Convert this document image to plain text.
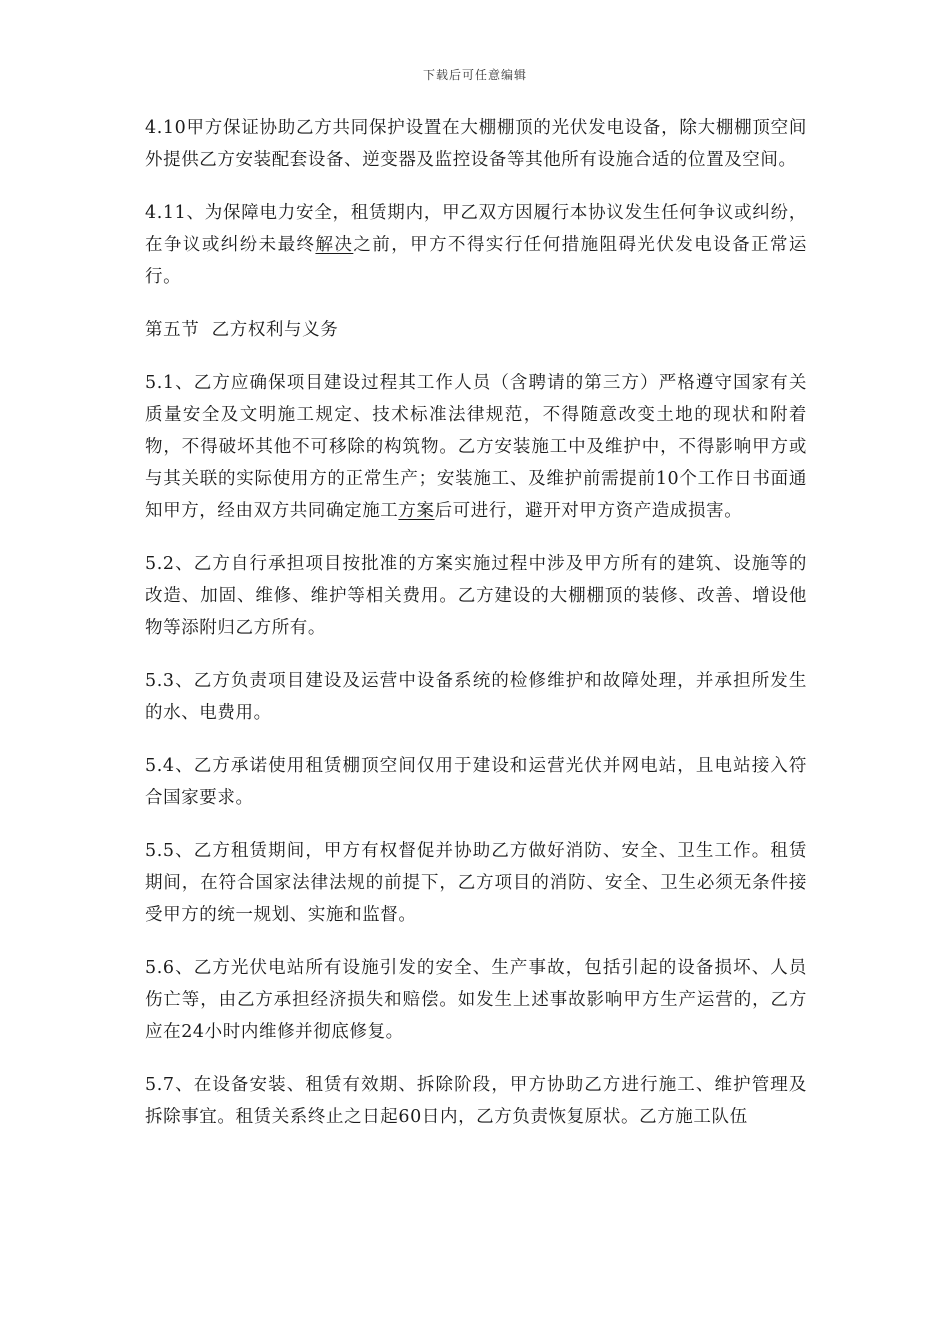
下载后可任意编辑

4.10甲方保证协助乙方共同保护设置在大棚棚顶的光伏发电设备，除大棚棚顶空间外提供乙方安装配套设备、逆变器及监控设备等其他所有设施合适的位置及空间。

4.11、为保障电力安全，租赁期内，甲乙双方因履行本协议发生任何争议或纠纷，在争议或纠纷未最终解决之前，甲方不得实行任何措施阻碍光伏发电设备正常运行。

第五节  乙方权利与义务

5.1、乙方应确保项目建设过程其工作人员（含聘请的第三方）严格遵守国家有关质量安全及文明施工规定、技术标准法律规范，不得随意改变土地的现状和附着物，不得破坏其他不可移除的构筑物。乙方安装施工中及维护中，不得影响甲方或与其关联的实际使用方的正常生产；安装施工、及维护前需提前10个工作日书面通知甲方，经由双方共同确定施工方案后可进行，避开对甲方资产造成损害。

5.2、乙方自行承担项目按批准的方案实施过程中涉及甲方所有的建筑、设施等的改造、加固、维修、维护等相关费用。乙方建设的大棚棚顶的装修、改善、增设他物等添附归乙方所有。

5.3、乙方负责项目建设及运营中设备系统的检修维护和故障处理，并承担所发生的水、电费用。

5.4、乙方承诺使用租赁棚顶空间仅用于建设和运营光伏并网电站，且电站接入符合国家要求。

5.5、乙方租赁期间，甲方有权督促并协助乙方做好消防、安全、卫生工作。租赁期间，在符合国家法律法规的前提下，乙方项目的消防、安全、卫生必须无条件接受甲方的统一规划、实施和监督。

5.6、乙方光伏电站所有设施引发的安全、生产事故，包括引起的设备损坏、人员伤亡等，由乙方承担经济损失和赔偿。如发生上述事故影响甲方生产运营的，乙方应在24小时内维修并彻底修复。

5.7、在设备安装、租赁有效期、拆除阶段，甲方协助乙方进行施工、维护管理及拆除事宜。租赁关系终止之日起60日内，乙方负责恢复原状。乙方施工队伍
